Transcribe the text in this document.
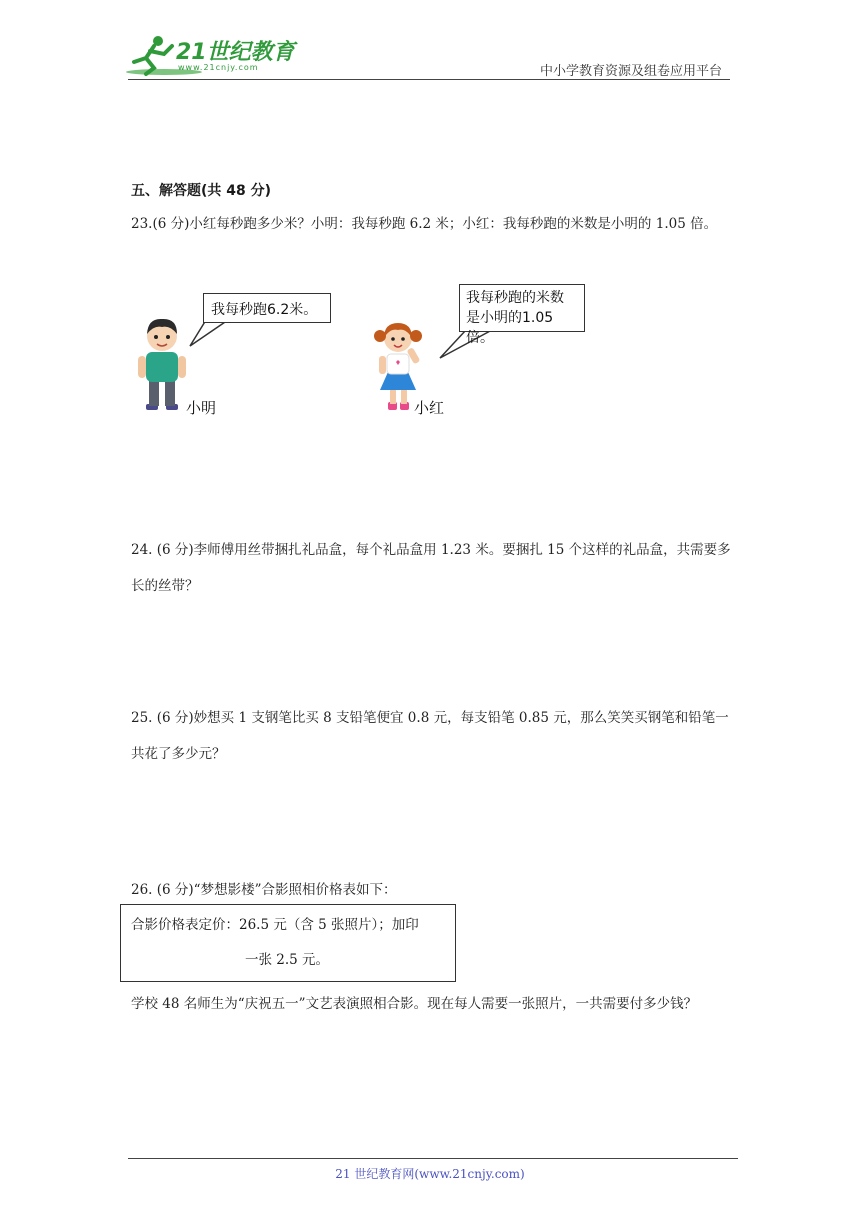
21世纪教育
www.21cnjy.com	中小学教育资源及组卷应用平台
五、解答题(共 48 分)
23.(6 分)小红每秒跑多少米？小明：我每秒跑 6.2 米；小红：我每秒跑的米数是小明的 1.05 倍。
我每秒跑6.2米。
小明
我每秒跑的米数
是小明的1.05倍。
小红
24. (6 分)李师傅用丝带捆扎礼品盒，每个礼品盒用 1.23 米。要捆扎 15 个这样的礼品盒，共需要多长的丝带？
25. (6 分)妙想买 1 支钢笔比买 8 支铅笔便宜 0.8 元，每支铅笔 0.85 元，那么笑笑买钢笔和铅笔一共花了多少元？
26. (6 分)“梦想影楼”合影照相价格表如下：
合影价格表定价：26.5 元（含 5 张照片）；加印
一张 2.5 元。
学校 48 名师生为“庆祝五一”文艺表演照相合影。现在每人需要一张照片，一共需要付多少钱？
21 世纪教育网(www.21cnjy.com)
